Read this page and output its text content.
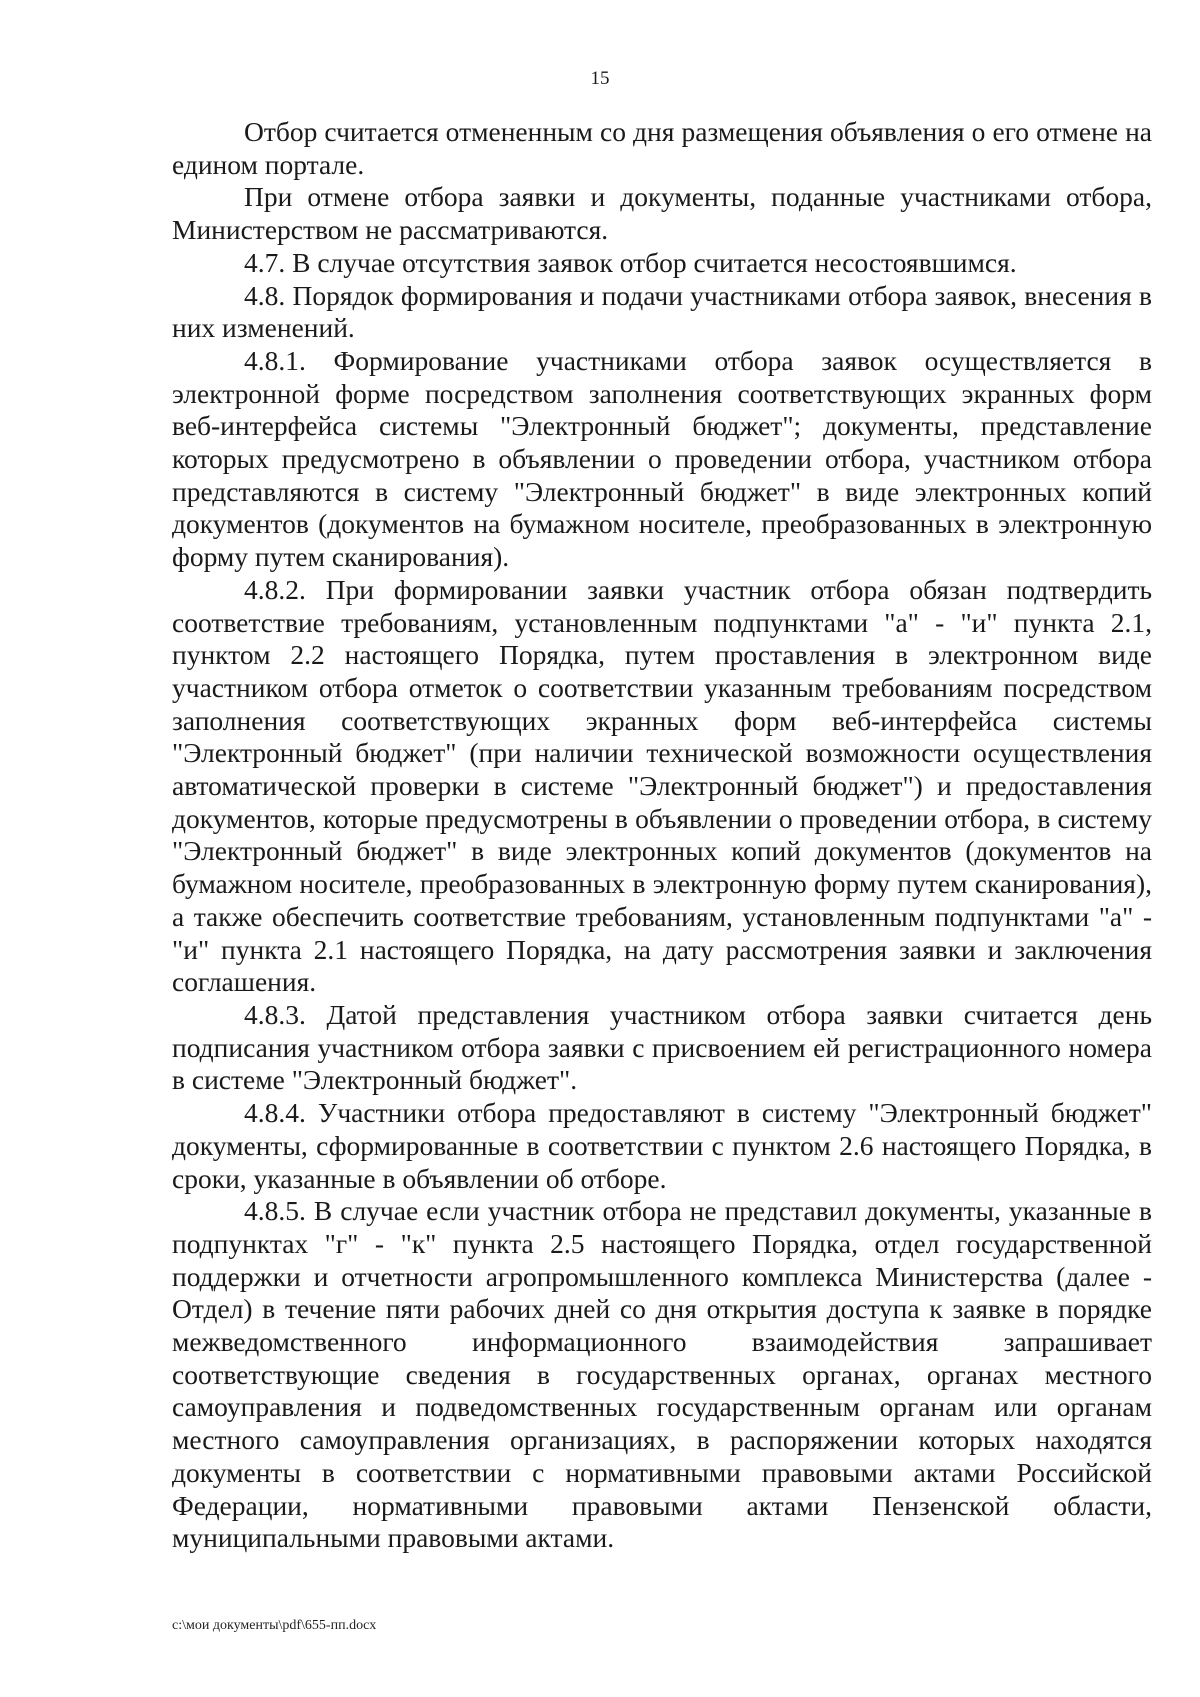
15

Отбор считается отмененным со дня размещения объявления о его отмене на едином портале.

При отмене отбора заявки и документы, поданные участниками отбора, Министерством не рассматриваются.

4.7. В случае отсутствия заявок отбор считается несостоявшимся.

4.8. Порядок формирования и подачи участниками отбора заявок, внесения в них изменений.

4.8.1. Формирование участниками отбора заявок осуществляется в электронной форме посредством заполнения соответствующих экранных форм веб-интерфейса системы "Электронный бюджет"; документы, представление которых предусмотрено в объявлении о проведении отбора, участником отбора представляются в систему "Электронный бюджет" в виде электронных копий документов (документов на бумажном носителе, преобразованных в электронную форму путем сканирования).

4.8.2. При формировании заявки участник отбора обязан подтвердить соответствие требованиям, установленным подпунктами "а" - "и" пункта 2.1, пунктом 2.2 настоящего Порядка, путем проставления в электронном виде участником отбора отметок о соответствии указанным требованиям посредством заполнения соответствующих экранных форм веб-интерфейса системы "Электронный бюджет" (при наличии технической возможности осуществления автоматической проверки в системе "Электронный бюджет") и предоставления документов, которые предусмотрены в объявлении о проведении отбора, в систему "Электронный бюджет" в виде электронных копий документов (документов на бумажном носителе, преобразованных в электронную форму путем сканирования), а также обеспечить соответствие требованиям, установленным подпунктами "а" - "и" пункта 2.1 настоящего Порядка, на дату рассмотрения заявки и заключения соглашения.

4.8.3. Датой представления участником отбора заявки считается день подписания участником отбора заявки с присвоением ей регистрационного номера в системе "Электронный бюджет".

4.8.4. Участники отбора предоставляют в систему "Электронный бюджет" документы, сформированные в соответствии с пунктом 2.6 настоящего Порядка, в сроки, указанные в объявлении об отборе.

4.8.5. В случае если участник отбора не представил документы, указанные в подпунктах "г" - "к" пункта 2.5 настоящего Порядка, отдел государственной поддержки и отчетности агропромышленного комплекса Министерства (далее - Отдел) в течение пяти рабочих дней со дня открытия доступа к заявке в порядке межведомственного информационного взаимодействия запрашивает соответствующие сведения в государственных органах, органах местного самоуправления и подведомственных государственным органам или органам местного самоуправления организациях, в распоряжении которых находятся документы в соответствии с нормативными правовыми актами Российской Федерации, нормативными правовыми актами Пензенской области, муниципальными правовыми актами.

c:\мои документы\pdf\655-пп.docx
